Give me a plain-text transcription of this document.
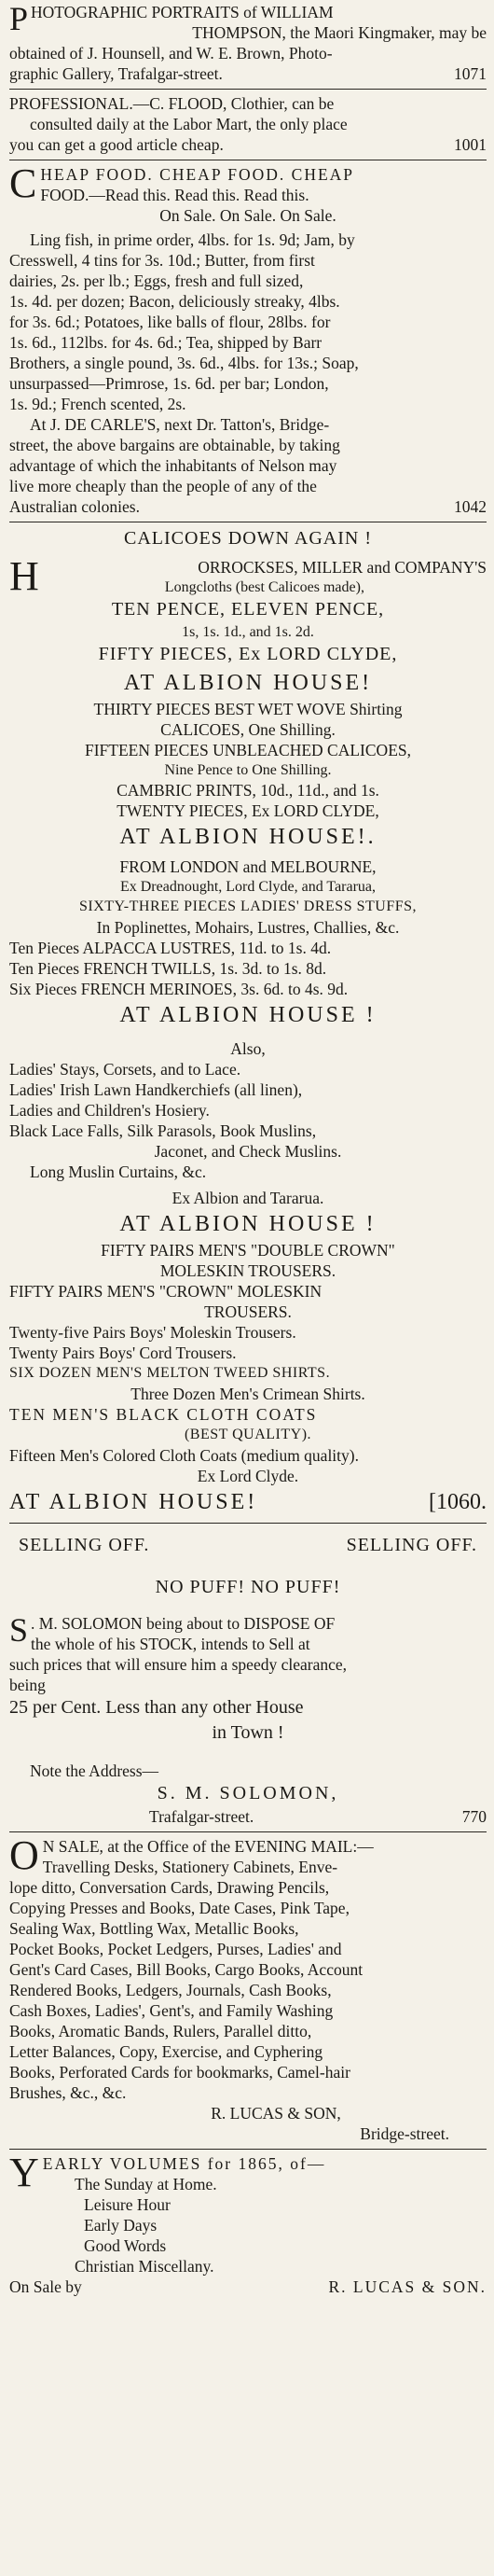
P HOTOGRAPHIC PORTRAITS of WILLIAM
THOMPSON, the Maori Kingmaker, may be
obtained of J. Hounsell, and W. E. Brown, Photo-
graphic Gallery, Trafalgar-street.	1071
PROFESSIONAL.—C. FLOOD, Clothier, can be
consulted daily at the Labor Mart, the only place
you can get a good article cheap.	1001
C HEAP FOOD. CHEAP FOOD. CHEAP
FOOD.—Read this. Read this. Read this.
On Sale. On Sale. On Sale.
Ling fish, in prime order, 4lbs. for 1s. 9d; Jam, by
Cresswell, 4 tins for 3s. 10d.; Butter, from first
dairies, 2s. per lb.; Eggs, fresh and full sized,
1s. 4d. per dozen; Bacon, deliciously streaky, 4lbs.
for 3s. 6d.; Potatoes, like balls of flour, 28lbs. for
1s. 6d., 112lbs. for 4s. 6d.; Tea, shipped by Barr
Brothers, a single pound, 3s. 6d., 4lbs. for 13s.; Soap,
unsurpassed—Primrose, 1s. 6d. per bar; London,
1s. 9d.; French scented, 2s.
At J. DE CARLE'S, next Dr. Tatton's, Bridge-
street, the above bargains are obtainable, by taking
advantage of which the inhabitants of Nelson may
live more cheaply than the people of any of the
Australian colonies.	1042
CALICOES DOWN AGAIN !
H	ORROCKSES, MILLER and COMPANY'S
Longcloths (best Calicoes made),
TEN PENCE, ELEVEN PENCE,
1s, 1s. 1d., and 1s. 2d.
FIFTY PIECES, Ex LORD CLYDE,
AT ALBION HOUSE!
THIRTY PIECES BEST WET WOVE Shirting
CALICOES, One Shilling.
FIFTEEN PIECES UNBLEACHED CALICOES,
Nine Pence to One Shilling.
CAMBRIC PRINTS, 10d., 11d., and 1s.
TWENTY PIECES, Ex LORD CLYDE,
AT ALBION HOUSE!.
FROM LONDON and MELBOURNE,
Ex Dreadnought, Lord Clyde, and Tararua,
SIXTY-THREE PIECES LADIES' DRESS STUFFS,
In Poplinettes, Mohairs, Lustres, Challies, &c.
Ten Pieces ALPACCA LUSTRES, 11d. to 1s. 4d.
Ten Pieces FRENCH TWILLS, 1s. 3d. to 1s. 8d.
Six Pieces FRENCH MERINOES, 3s. 6d. to 4s. 9d.
AT ALBION HOUSE !
Also,
Ladies' Stays, Corsets, and to Lace.
Ladies' Irish Lawn Handkerchiefs (all linen),
Ladies and Children's Hosiery.
Black Lace Falls, Silk Parasols, Book Muslins,
Jaconet, and Check Muslins.
Long Muslin Curtains, &c.
Ex Albion and Tararua.
AT ALBION HOUSE !
FIFTY PAIRS MEN'S "DOUBLE CROWN"
MOLESKIN TROUSERS.
FIFTY PAIRS MEN'S "CROWN" MOLESKIN
TROUSERS.
Twenty-five Pairs Boys' Moleskin Trousers.
Twenty Pairs Boys' Cord Trousers.
SIX DOZEN MEN'S MELTON TWEED SHIRTS.
Three Dozen Men's Crimean Shirts.
TEN MEN'S BLACK CLOTH COATS
(BEST QUALITY).
Fifteen Men's Colored Cloth Coats (medium quality).
Ex Lord Clyde.
AT ALBION HOUSE!	[1060.
SELLING OFF.	SELLING OFF.
NO PUFF! NO PUFF!
S . M. SOLOMON being about to DISPOSE OF
the whole of his STOCK, intends to Sell at
such prices that will ensure him a speedy clearance,
being
25 per Cent. Less than any other House
in Town !
Note the Address—
S. M. SOLOMON,
Trafalgar-street.	770
O N SALE, at the Office of the EVENING MAIL:—
Travelling Desks, Stationery Cabinets, Enve-
lope ditto, Conversation Cards, Drawing Pencils,
Copying Presses and Books, Date Cases, Pink Tape,
Sealing Wax, Bottling Wax, Metallic Books,
Pocket Books, Pocket Ledgers, Purses, Ladies' and
Gent's Card Cases, Bill Books, Cargo Books, Account
Rendered Books, Ledgers, Journals, Cash Books,
Cash Boxes, Ladies', Gent's, and Family Washing
Books, Aromatic Bands, Rulers, Parallel ditto,
Letter Balances, Copy, Exercise, and Cyphering
Books, Perforated Cards for bookmarks, Camel-hair
Brushes, &c., &c.
R. LUCAS & SON,
Bridge-street.
Y EARLY VOLUMES for 1865, of—
The Sunday at Home.
Leisure Hour
Early Days
Good Words
Christian Miscellany.
On Sale by	R. LUCAS & SON.
